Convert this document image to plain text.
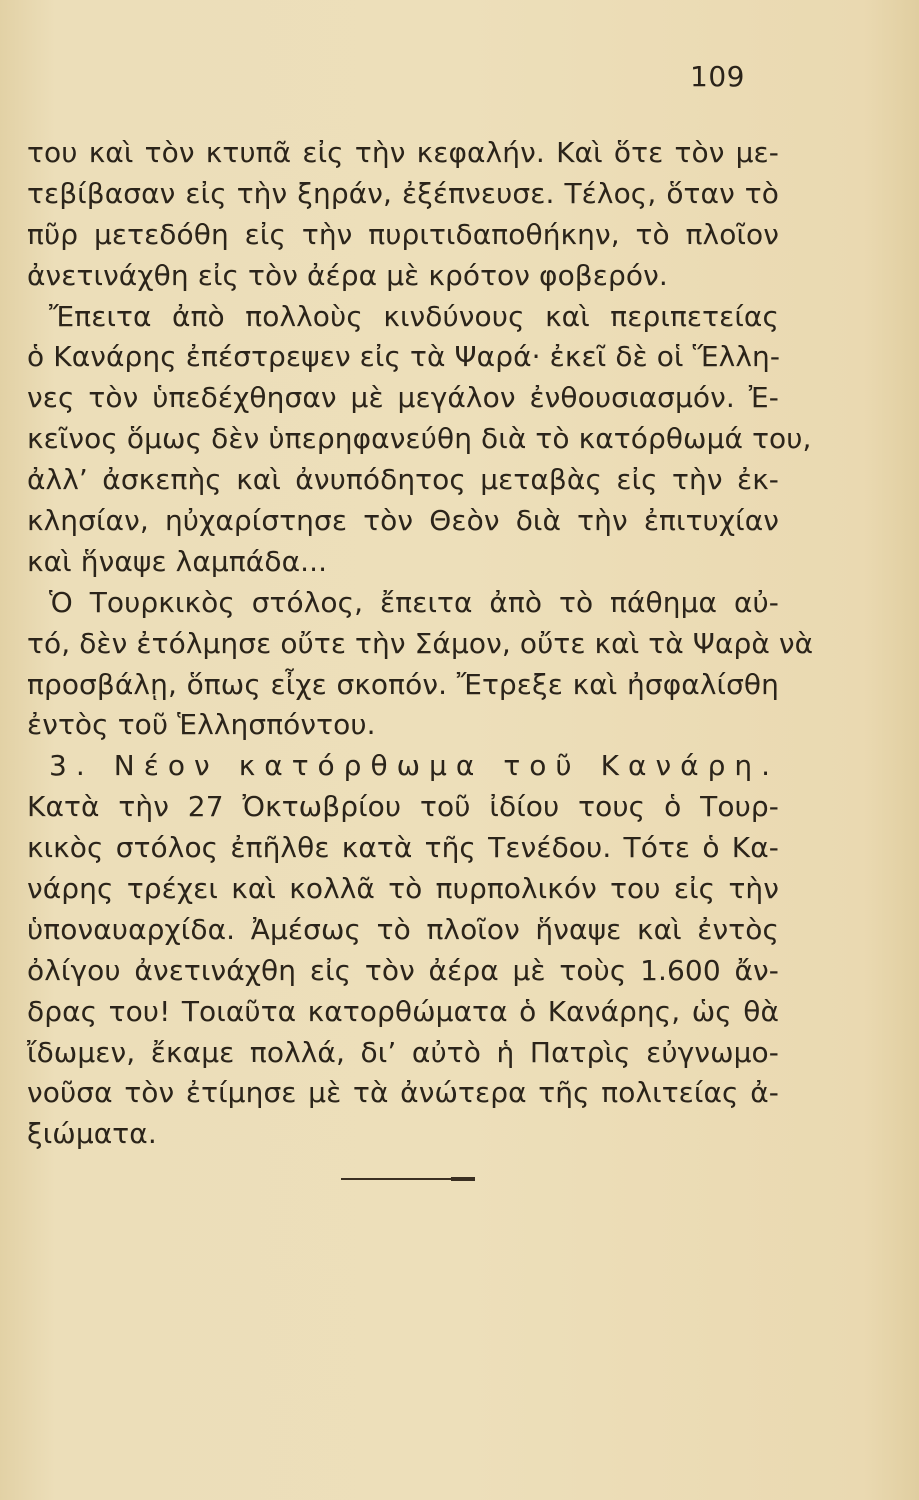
109
του καὶ τὸν κτυπᾶ εἰς τὴν κεφαλήν. Καὶ ὅτε τὸν με-
τεβίβασαν εἰς τὴν ξηράν, ἐξέπνευσε. Τέλος, ὅταν τὸ
πῦρ μετεδόθη εἰς τὴν πυριτιδαποθήκην, τὸ πλοῖον
ἀνετινάχθη εἰς τὸν ἀέρα μὲ κρότον φοβερόν.
Ἔπειτα ἀπὸ πολλοὺς κινδύνους καὶ περιπετείας
ὁ Κανάρης ἐπέστρεψεν εἰς τὰ Ψαρά· ἐκεῖ δὲ οἱ Ἕλλη-
νες τὸν ὑπεδέχθησαν μὲ μεγάλον ἐνθουσιασμόν. Ἐ-
κεῖνος ὅμως δὲν ὑπερηφανεύθη διὰ τὸ κατόρθωμά του,
ἀλλ’ ἀσκεπὴς καὶ ἀνυπόδητος μεταβὰς εἰς τὴν ἐκ-
κλησίαν, ηὐχαρίστησε τὸν Θεὸν διὰ τὴν ἐπιτυχίαν
καὶ ἥναψε λαμπάδα...
Ὁ Τουρκικὸς στόλος, ἔπειτα ἀπὸ τὸ πάθημα αὐ-
τό, δὲν ἐτόλμησε οὔτε τὴν Σάμον, οὔτε καὶ τὰ Ψαρὰ νὰ
προσβάλῃ, ὅπως εἶχε σκοπόν. Ἔτρεξε καὶ ἠσφαλίσθη
ἐντὸς τοῦ Ἑλλησπόντου.
3. Νέον κατόρθωμα τοῦ Κανάρη.
Κατὰ τὴν 27 Ὀκτωβρίου τοῦ ἰδίου τους ὁ Τουρ-
κικὸς στόλος ἐπῆλθε κατὰ τῆς Τενέδου. Τότε ὁ Κα-
νάρης τρέχει καὶ κολλᾶ τὸ πυρπολικόν του εἰς τὴν
ὑποναυαρχίδα. Ἀμέσως τὸ πλοῖον ἥναψε καὶ ἐντὸς
ὀλίγου ἀνετινάχθη εἰς τὸν ἀέρα μὲ τοὺς 1.600 ἄν-
δρας του! Τοιαῦτα κατορθώματα ὁ Κανάρης, ὡς θὰ
ἴδωμεν, ἔκαμε πολλά, δι’ αὐτὸ ἡ Πατρὶς εὐγνωμο-
νοῦσα τὸν ἐτίμησε μὲ τὰ ἀνώτερα τῆς πολιτείας ἀ-
ξιώματα.
